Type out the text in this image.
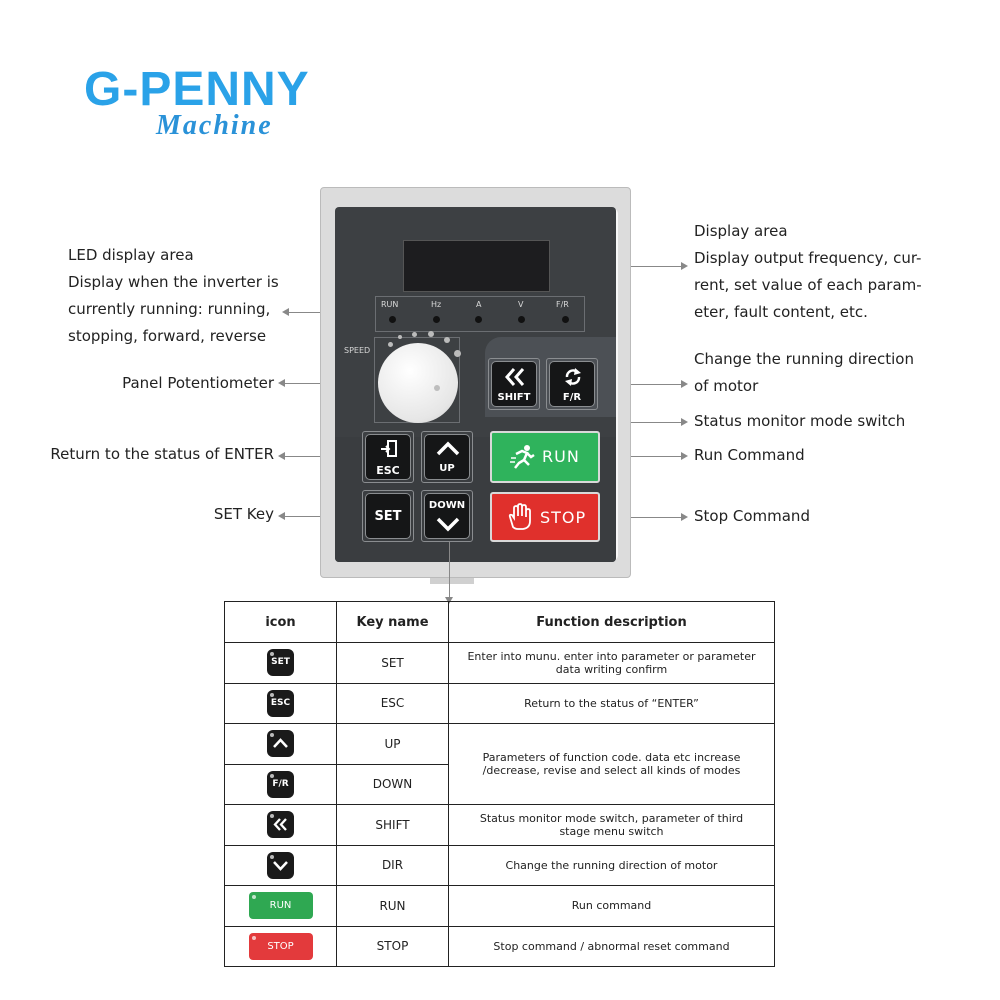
G-PENNY
Machine
LED display area
Display when the inverter is
currently running: running,
stopping, forward, reverse
Panel Potentiometer
Return to the status of ENTER
SET Key
Display area
Display output frequency, cur-
rent, set value of each param-
eter, fault content, etc.
Change the running direction
of motor
Status monitor mode switch
Run Command
Stop Command
RUN	Hz	A	V	F/R
SPEED
SHIFT	F/R
ESC	UP
SET
DOWN
RUN
STOP
icon	Key name	Function description
SET	SET	Enter into munu. enter into parameter or parameter data writing confirm
ESC	ESC	Return to the status of “ENTER”

	UP	Parameters of function code. data etc increase /decrease, revise and select all kinds of modes
F/R	DOWN	

	SHIFT	Status monitor mode switch, parameter of third stage menu switch

	DIR	Change the running direction of motor
RUN	RUN	Run command
STOP	STOP	Stop command / abnormal reset command
